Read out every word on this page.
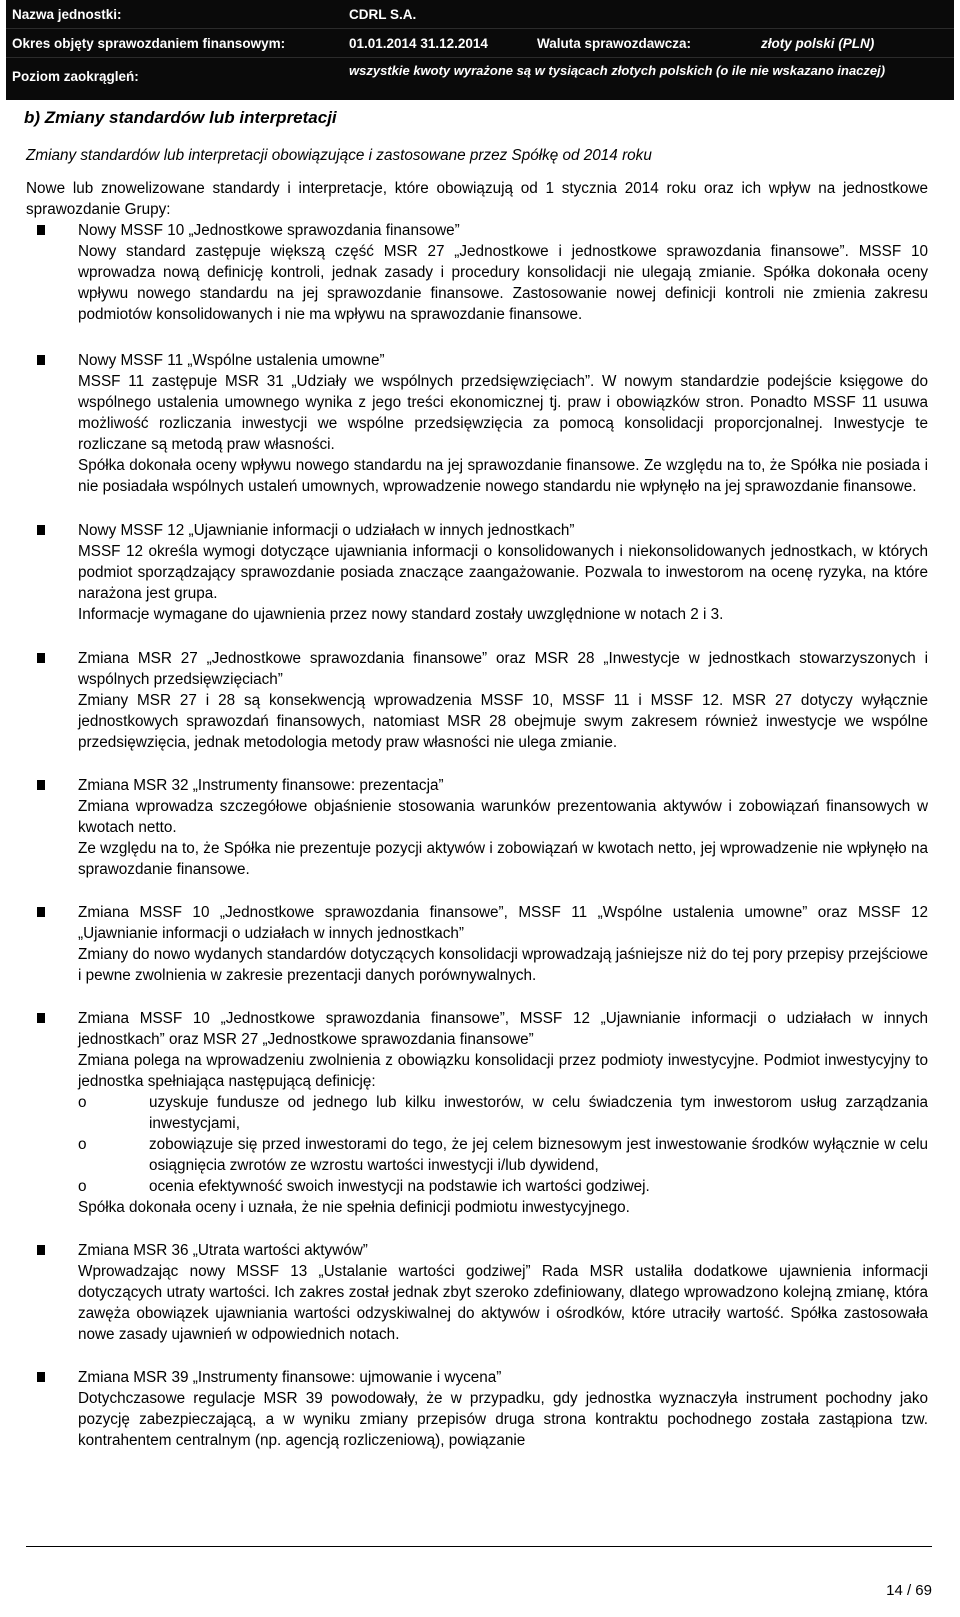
Nazwa jednostki:	CDRL S.A.
Okres objęty sprawozdaniem finansowym:	01.01.2014 31.12.2014	Waluta sprawozdawcza:	złoty polski (PLN)
Poziom zaokrągleń:	wszystkie kwoty wyrażone są w tysiącach złotych polskich (o ile nie wskazano inaczej)
b) Zmiany standardów lub interpretacji
Zmiany standardów lub interpretacji obowiązujące i zastosowane przez Spółkę od 2014 roku

Nowe lub znowelizowane standardy i interpretacje, które obowiązują od 1 stycznia 2014 roku oraz ich wpływ na jednostkowe sprawozdanie Grupy:

Nowy MSSF 10 „Jednostkowe sprawozdania finansowe”

Nowy standard zastępuje większą część MSR 27 „Jednostkowe i jednostkowe sprawozdania finansowe”. MSSF 10 wprowadza nową definicję kontroli, jednak zasady i procedury konsolidacji nie ulegają zmianie. Spółka dokonała oceny wpływu nowego standardu na jej sprawozdanie finansowe. Zastosowanie nowej definicji kontroli nie zmienia zakresu podmiotów konsolidowanych i nie ma wpływu na sprawozdanie finansowe.

Nowy MSSF 11 „Wspólne ustalenia umowne”

MSSF 11 zastępuje MSR 31 „Udziały we wspólnych przedsięwzięciach”. W nowym standardzie podejście księgowe do wspólnego ustalenia umownego wynika z jego treści ekonomicznej tj. praw i obowiązków stron. Ponadto MSSF 11 usuwa możliwość rozliczania inwestycji we wspólne przedsięwzięcia za pomocą konsolidacji proporcjonalnej. Inwestycje te rozliczane są metodą praw własności.

Spółka dokonała oceny wpływu nowego standardu na jej sprawozdanie finansowe. Ze względu na to, że Spółka nie posiada i nie posiadała wspólnych ustaleń umownych, wprowadzenie nowego standardu nie wpłynęło na jej sprawozdanie finansowe.

Nowy MSSF 12 „Ujawnianie informacji o udziałach w innych jednostkach”

MSSF 12 określa wymogi dotyczące ujawniania informacji o konsolidowanych i niekonsolidowanych jednostkach, w których podmiot sporządzający sprawozdanie posiada znaczące zaangażowanie. Pozwala to inwestorom na ocenę ryzyka, na które narażona jest grupa.

Informacje wymagane do ujawnienia przez nowy standard zostały uwzględnione w notach 2 i 3.

Zmiana MSR 27 „Jednostkowe sprawozdania finansowe” oraz MSR 28 „Inwestycje w jednostkach stowarzyszonych i wspólnych przedsięwzięciach”

Zmiany MSR 27 i 28 są konsekwencją wprowadzenia MSSF 10, MSSF 11 i MSSF 12. MSR 27 dotyczy wyłącznie jednostkowych sprawozdań finansowych, natomiast MSR 28 obejmuje swym zakresem również inwestycje we wspólne przedsięwzięcia, jednak metodologia metody praw własności nie ulega zmianie.

Zmiana MSR 32 „Instrumenty finansowe: prezentacja”

Zmiana wprowadza szczegółowe objaśnienie stosowania warunków prezentowania aktywów i zobowiązań finansowych w kwotach netto.

Ze względu na to, że Spółka nie prezentuje pozycji aktywów i zobowiązań w kwotach netto, jej wprowadzenie nie wpłynęło na sprawozdanie finansowe.

Zmiana MSSF 10 „Jednostkowe sprawozdania finansowe”, MSSF 11 „Wspólne ustalenia umowne” oraz MSSF 12 „Ujawnianie informacji o udziałach w innych jednostkach”

Zmiany do nowo wydanych standardów dotyczących konsolidacji wprowadzają jaśniejsze niż do tej pory przepisy przejściowe i pewne zwolnienia w zakresie prezentacji danych porównywalnych.

Zmiana MSSF 10 „Jednostkowe sprawozdania finansowe”, MSSF 12 „Ujawnianie informacji o udziałach w innych jednostkach” oraz MSR 27 „Jednostkowe sprawozdania finansowe”

Zmiana polega na wprowadzeniu zwolnienia z obowiązku konsolidacji przez podmioty inwestycyjne. Podmiot inwestycyjny to jednostka spełniająca następującą definicję:

o	uzyskuje fundusze od jednego lub kilku inwestorów, w celu świadczenia tym inwestorom usług zarządzania inwestycjami,
o	zobowiązuje się przed inwestorami do tego, że jej celem biznesowym jest inwestowanie środków wyłącznie w celu osiągnięcia zwrotów ze wzrostu wartości inwestycji i/lub dywidend,
o	ocenia efektywność swoich inwestycji na podstawie ich wartości godziwej.

Spółka dokonała oceny i uznała, że nie spełnia definicji podmiotu inwestycyjnego.

Zmiana MSR 36 „Utrata wartości aktywów”

Wprowadzając nowy MSSF 13 „Ustalanie wartości godziwej” Rada MSR ustaliła dodatkowe ujawnienia informacji dotyczących utraty wartości. Ich zakres został jednak zbyt szeroko zdefiniowany, dlatego wprowadzono kolejną zmianę, która zawęża obowiązek ujawniania wartości odzyskiwalnej do aktywów i ośrodków, które utraciły wartość. Spółka zastosowała nowe zasady ujawnień w odpowiednich notach.

Zmiana MSR 39 „Instrumenty finansowe: ujmowanie i wycena”

Dotychczasowe regulacje MSR 39 powodowały, że w przypadku, gdy jednostka wyznaczyła instrument pochodny jako pozycję zabezpieczającą, a w wyniku zmiany przepisów druga strona kontraktu pochodnego została zastąpiona tzw. kontrahentem centralnym (np. agencją rozliczeniową), powiązanie

14 / 69
